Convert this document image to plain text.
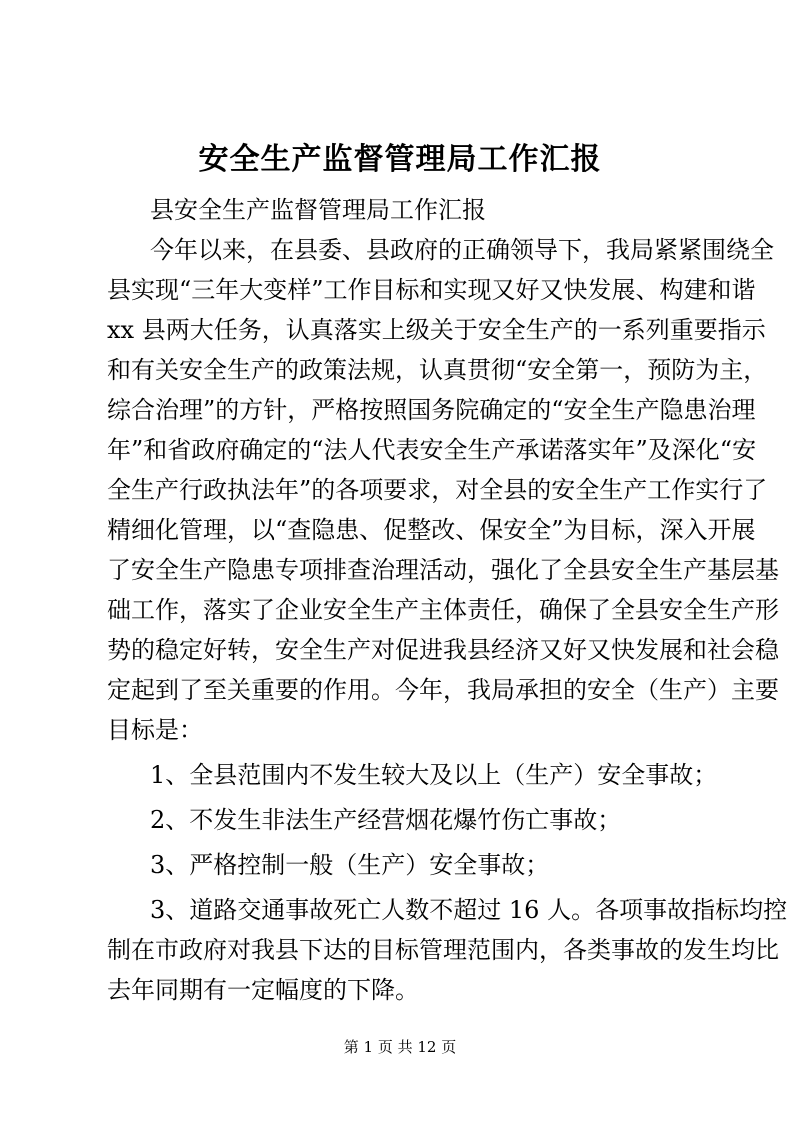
安全生产监督管理局工作汇报
县安全生产监督管理局工作汇报
今年以来，在县委、县政府的正确领导下，我局紧紧围绕全
县实现“三年大变样”工作目标和实现又好又快发展、构建和谐
xx 县两大任务，认真落实上级关于安全生产的一系列重要指示
和有关安全生产的政策法规，认真贯彻“安全第一，预防为主，
综合治理”的方针，严格按照国务院确定的“安全生产隐患治理
年”和省政府确定的“法人代表安全生产承诺落实年”及深化“安
全生产行政执法年”的各项要求，对全县的安全生产工作实行了
精细化管理，以“查隐患、促整改、保安全”为目标，深入开展
了安全生产隐患专项排查治理活动，强化了全县安全生产基层基
础工作，落实了企业安全生产主体责任，确保了全县安全生产形
势的稳定好转，安全生产对促进我县经济又好又快发展和社会稳
定起到了至关重要的作用。今年，我局承担的安全（生产）主要
目标是：
1、全县范围内不发生较大及以上（生产）安全事故；
2、不发生非法生产经营烟花爆竹伤亡事故；
3、严格控制一般（生产）安全事故；
3、道路交通事故死亡人数不超过 16 人。各项事故指标均控
制在市政府对我县下达的目标管理范围内，各类事故的发生均比
去年同期有一定幅度的下降。
第 1 页 共 12 页
